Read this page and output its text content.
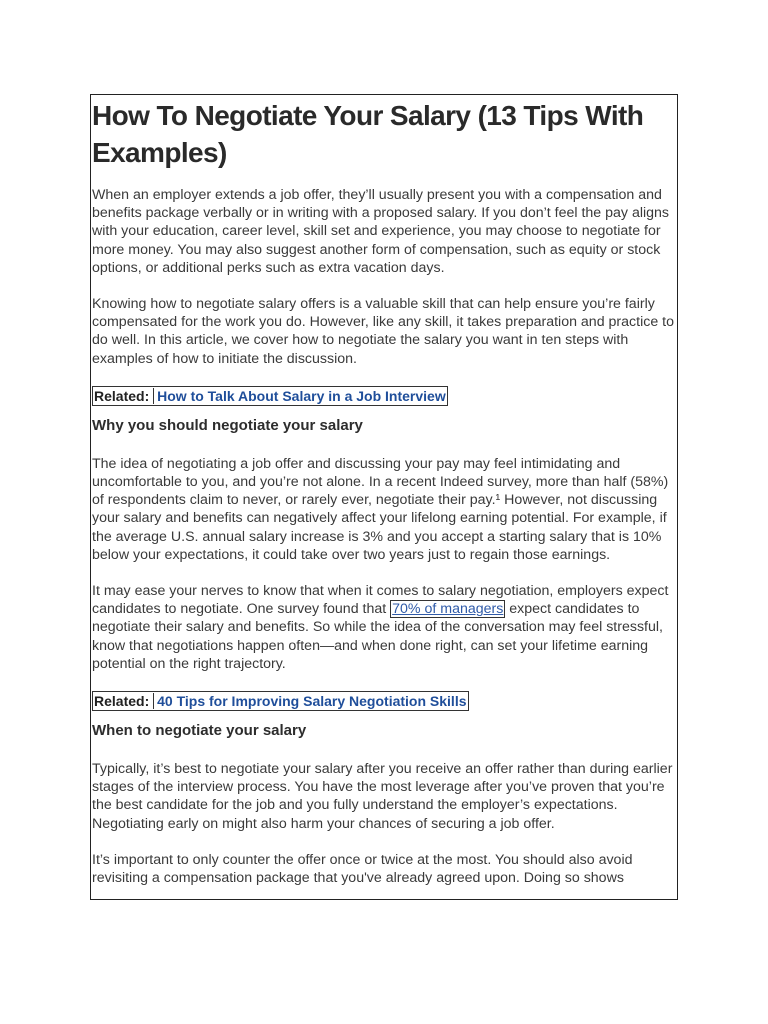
How To Negotiate Your Salary (13 Tips With Examples)

When an employer extends a job offer, they’ll usually present you with a compensation and benefits package verbally or in writing with a proposed salary. If you don’t feel the pay aligns with your education, career level, skill set and experience, you may choose to negotiate for more money. You may also suggest another form of compensation, such as equity or stock options, or additional perks such as extra vacation days.

Knowing how to negotiate salary offers is a valuable skill that can help ensure you’re fairly compensated for the work you do. However, like any skill, it takes preparation and practice to do well. In this article, we cover how to negotiate the salary you want in ten steps with examples of how to initiate the discussion.

Related: How to Talk About Salary in a Job Interview
Why you should negotiate your salary

The idea of negotiating a job offer and discussing your pay may feel intimidating and uncomfortable to you, and you’re not alone. In a recent Indeed survey, more than half (58%) of respondents claim to never, or rarely ever, negotiate their pay.¹ However, not discussing your salary and benefits can negatively affect your lifelong earning potential. For example, if the average U.S. annual salary increase is 3% and you accept a starting salary that is 10% below your expectations, it could take over two years just to regain those earnings.

It may ease your nerves to know that when it comes to salary negotiation, employers expect candidates to negotiate. One survey found that 70% of managers expect candidates to negotiate their salary and benefits. So while the idea of the conversation may feel stressful, know that negotiations happen often—and when done right, can set your lifetime earning potential on the right trajectory.

Related: 40 Tips for Improving Salary Negotiation Skills
When to negotiate your salary

Typically, it’s best to negotiate your salary after you receive an offer rather than during earlier stages of the interview process. You have the most leverage after you’ve proven that you’re the best candidate for the job and you fully understand the employer’s expectations. Negotiating early on might also harm your chances of securing a job offer.

It’s important to only counter the offer once or twice at the most. You should also avoid revisiting a compensation package that you've already agreed upon. Doing so shows
